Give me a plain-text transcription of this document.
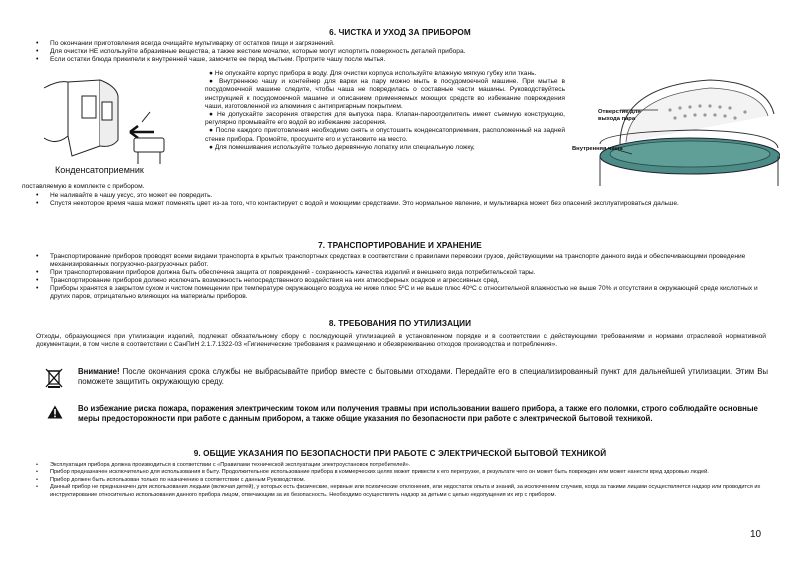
6. ЧИСТКА И УХОД ЗА ПРИБОРОМ
• По окончании приготовления всегда очищайте мультиварку от остатков пищи и загрязнений.
• Для очистки НЕ используйте абразивные вещества, а также жесткие мочалки, которые могут испортить поверхность деталей прибора.
• Если остатки блюда прикипели к внутренней чаше, замочите ее перед мытьем. Протрите чашу после мытья.
Конденсатоприемник

● Не опускайте корпус прибора в воду. Для очистки корпуса используйте влажную мягкую губку или ткань.

● Внутреннюю чашу и контейнер для варки на пару можно мыть в посудомоечной машине. При мытье в посудомоечной машине следите, чтобы чаша не повредилась о составные части машины. Руководствуйтесь инструкцией к посудомоечной машине и описанием применяемых моющих средств во избежание повреждения чаши, изготовленной из алюминия с антипригарным покрытием.

● Не допускайте засорения отверстия для выпуска пара. Клапан-пароотделитель имеет съемную конструкцию, регулярно промывайте его водой во избежание засорения.

● После каждого приготовления необходимо снять и опустошить конденсатоприемник, расположенный на задней стенке прибора. Промойте, просушите его и установите на место.

● Для помешивания используйте только деревянную лопатку или специальную ложку,

Отверстие для выхода пара
Внутренняя чаша
поставляемую в комплекте с прибором.
• Не наливайте в чашу уксус, это может ее повредить.
• Спустя некоторое время чаша может поменять цвет из-за того, что контактирует с водой и моющими средствами. Это нормальное явление, и мультиварка может без опасений эксплуатироваться дальше.
7. ТРАНСПОРТИРОВАНИЕ И ХРАНЕНИЕ
• Транспортирование приборов проводят всеми видами транспорта в крытых транспортных средствах в соответствии с правилами перевозки грузов, действующими на транспорте данного вида и обеспечивающими проведение механизированных погрузочно-разгрузочных работ.
• При транспортировании приборов должна быть обеспечена защита от повреждений - сохранность качества изделий и внешнего вида потребительской тары.
• Транспортирование приборов должно исключать возможность непосредственного воздействия на них атмосферных осадков и агрессивных сред.
• Приборы хранятся в закрытом сухом и чистом помещении при температуре окружающего воздуха не ниже плюс 5ºС и не выше плюс 40ºС с относительной влажностью не выше 70% и отсутствии в окружающей среде кислотных и других паров, отрицательно влияющих на материалы приборов.
8. ТРЕБОВАНИЯ ПО УТИЛИЗАЦИИ
Отходы, образующиеся при утилизации изделий, подлежат обязательному сбору с последующей утилизацией в установленном порядке и в соответствии с действующими требованиями и нормами отраслевой нормативной документации, в том числе в соответствии с СанПиН 2.1.7.1322-03 «Гигиенические требования к размещению и обезвреживанию отходов производства и потребления».
Внимание! После окончания срока службы не выбрасывайте прибор вместе с бытовыми отходами. Передайте его в специализированный пункт для дальнейшей утилизации. Этим Вы поможете защитить окружающую среду.
Во избежание риска пожара, поражения электрическим током или получения травмы при использовании вашего прибора, а также его поломки, строго соблюдайте основные меры предосторожности при работе с данным прибором, а также общие указания по безопасности при работе с электрической бытовой техникой.
9. ОБЩИЕ УКАЗАНИЯ ПО БЕЗОПАСНОСТИ ПРИ РАБОТЕ С ЭЛЕКТРИЧЕСКОЙ БЫТОВОЙ ТЕХНИКОЙ
• Эксплуатация прибора должна производиться в соответствии с «Правилами технической эксплуатации электроустановок потребителей».
• Прибор предназначен исключительно для использования в быту. Продолжительное использование прибора в коммерческих целях может привести к его перегрузке, в результате чего он может быть поврежден или может нанести вред здоровью людей.
• Прибор должен быть использован только по назначению в соответствии с данным Руководством.
• Данный прибор не предназначен для использования людьми (включая детей), у которых есть физические, нервные или психические отклонения, или недостаток опыта и знаний, за исключением случаев, когда за такими лицами осуществляется надзор или проводится их инструктирование относительно использования данного прибора лицом, отвечающим за их безопасность. Необходимо осуществлять надзор за детьми с целью недопущения их игр с прибором.
10
